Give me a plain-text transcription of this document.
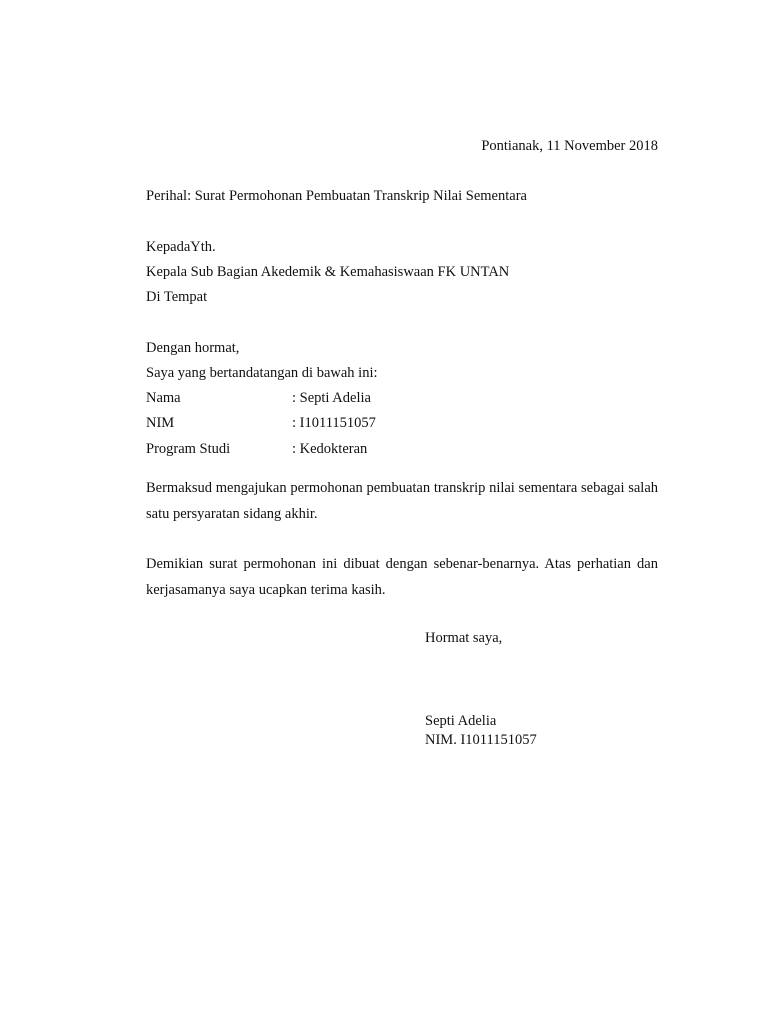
Pontianak, 11 November 2018
Perihal: Surat Permohonan Pembuatan Transkrip Nilai Sementara
KepadaYth.
Kepala Sub Bagian Akedemik & Kemahasiswaan FK UNTAN
Di Tempat
Dengan hormat,
Saya yang bertandatangan di bawah ini:
Nama	: Septi Adelia
NIM	: I1011151057
Program Studi	: Kedokteran
Bermaksud mengajukan permohonan pembuatan transkrip nilai sementara sebagai salah satu persyaratan sidang akhir.
Demikian surat permohonan ini dibuat dengan sebenar-benarnya. Atas perhatian dan kerjasamanya saya ucapkan terima kasih.
Hormat saya,
Septi Adelia
NIM. I1011151057
